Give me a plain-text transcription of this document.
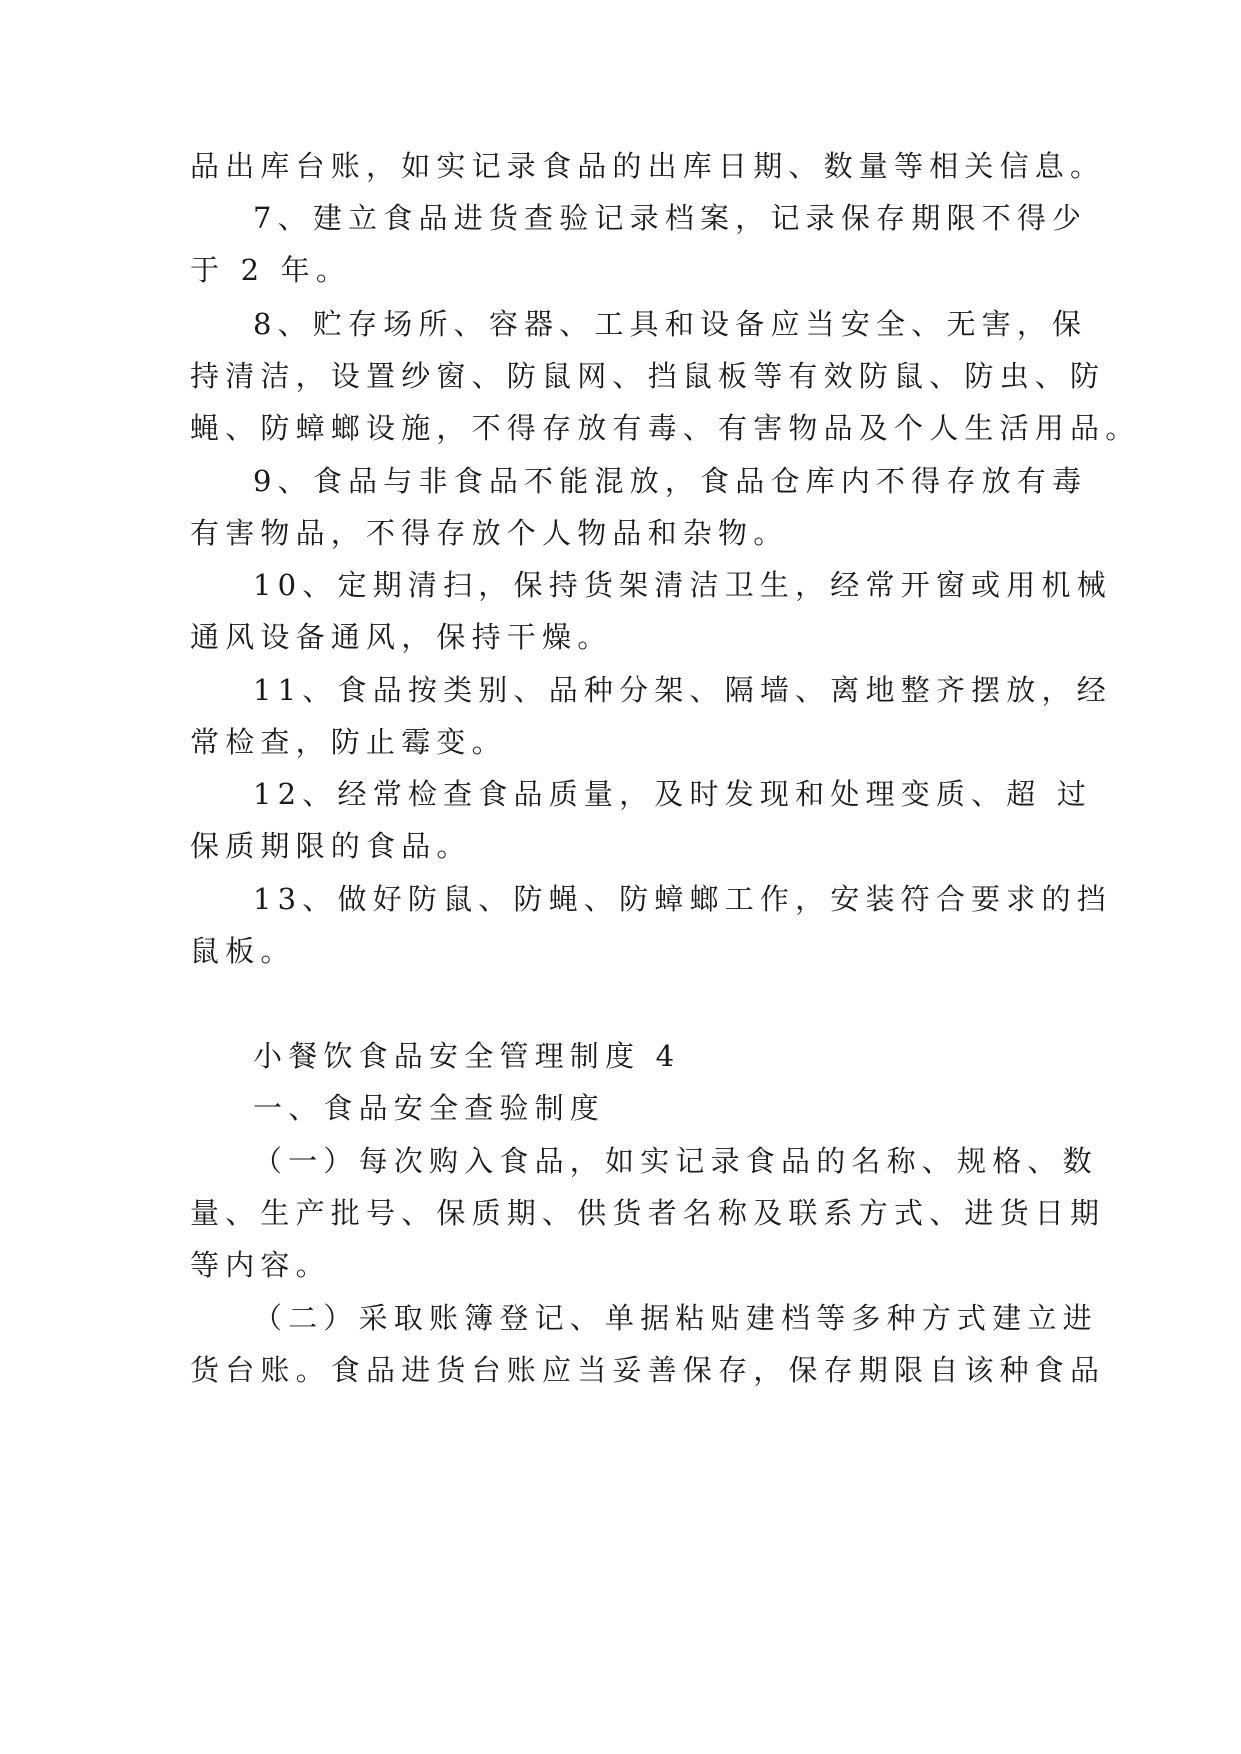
品出库台账，如实记录食品的出库日期、数量等相关信息。
7、建立食品进货查验记录档案，记录保存期限不得少
于 2 年。
8、贮存场所、容器、工具和设备应当安全、无害，保
持清洁，设置纱窗、防鼠网、挡鼠板等有效防鼠、防虫、防
蝇、防蟑螂设施，不得存放有毒、有害物品及个人生活用品。
9、食品与非食品不能混放，食品仓库内不得存放有毒
有害物品，不得存放个人物品和杂物。
10、定期清扫，保持货架清洁卫生，经常开窗或用机械
通风设备通风，保持干燥。
11、食品按类别、品种分架、隔墙、离地整齐摆放，经
常检查，防止霉变。
12、经常检查食品质量，及时发现和处理变质、超 过
保质期限的食品。
13、做好防鼠、防蝇、防蟑螂工作，安装符合要求的挡
鼠板。
小餐饮食品安全管理制度 4
一、食品安全查验制度
（一）每次购入食品，如实记录食品的名称、规格、数
量、生产批号、保质期、供货者名称及联系方式、进货日期
等内容。
（二）采取账簿登记、单据粘贴建档等多种方式建立进
货台账。食品进货台账应当妥善保存，保存期限自该种食品
